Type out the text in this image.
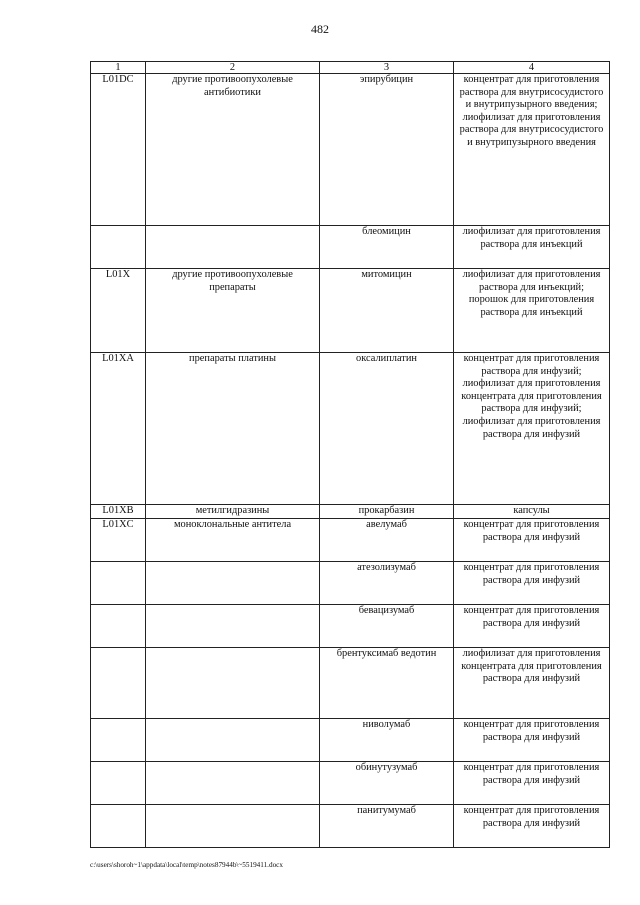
482
1	2	3	4
L01DC	другие противоопухолевые антибиотики	эпирубицин	концентрат для приготовления раствора для внутрисосудистого и внутрипузырного введения;
лиофилизат для приготовления раствора для внутрисосудистого и внутрипузырного введения
		блеомицин	лиофилизат для приготовления раствора для инъекций
L01X	другие противоопухолевые препараты	митомицин	лиофилизат для приготовления раствора для инъекций;
порошок для приготовления раствора для инъекций
L01XA	препараты платины	оксалиплатин	концентрат для приготовления раствора для инфузий;
лиофилизат для приготовления концентрата для приготовления раствора для инфузий;
лиофилизат для приготовления раствора для инфузий
L01XB	метилгидразины	прокарбазин	капсулы
L01XC	моноклональные антитела	авелумаб	концентрат для приготовления раствора для инфузий
		атезолизумаб	концентрат для приготовления раствора для инфузий
		бевацизумаб	концентрат для приготовления раствора для инфузий
		брентуксимаб ведотин	лиофилизат для приготовления концентрата для приготовления раствора для инфузий
		ниволумаб	концентрат для приготовления раствора для инфузий
		обинутузумаб	концентрат для приготовления раствора для инфузий
		панитумумаб	концентрат для приготовления раствора для инфузий
c:\users\shoroh~1\appdata\local\temp\notes87944b\~5519411.docx
